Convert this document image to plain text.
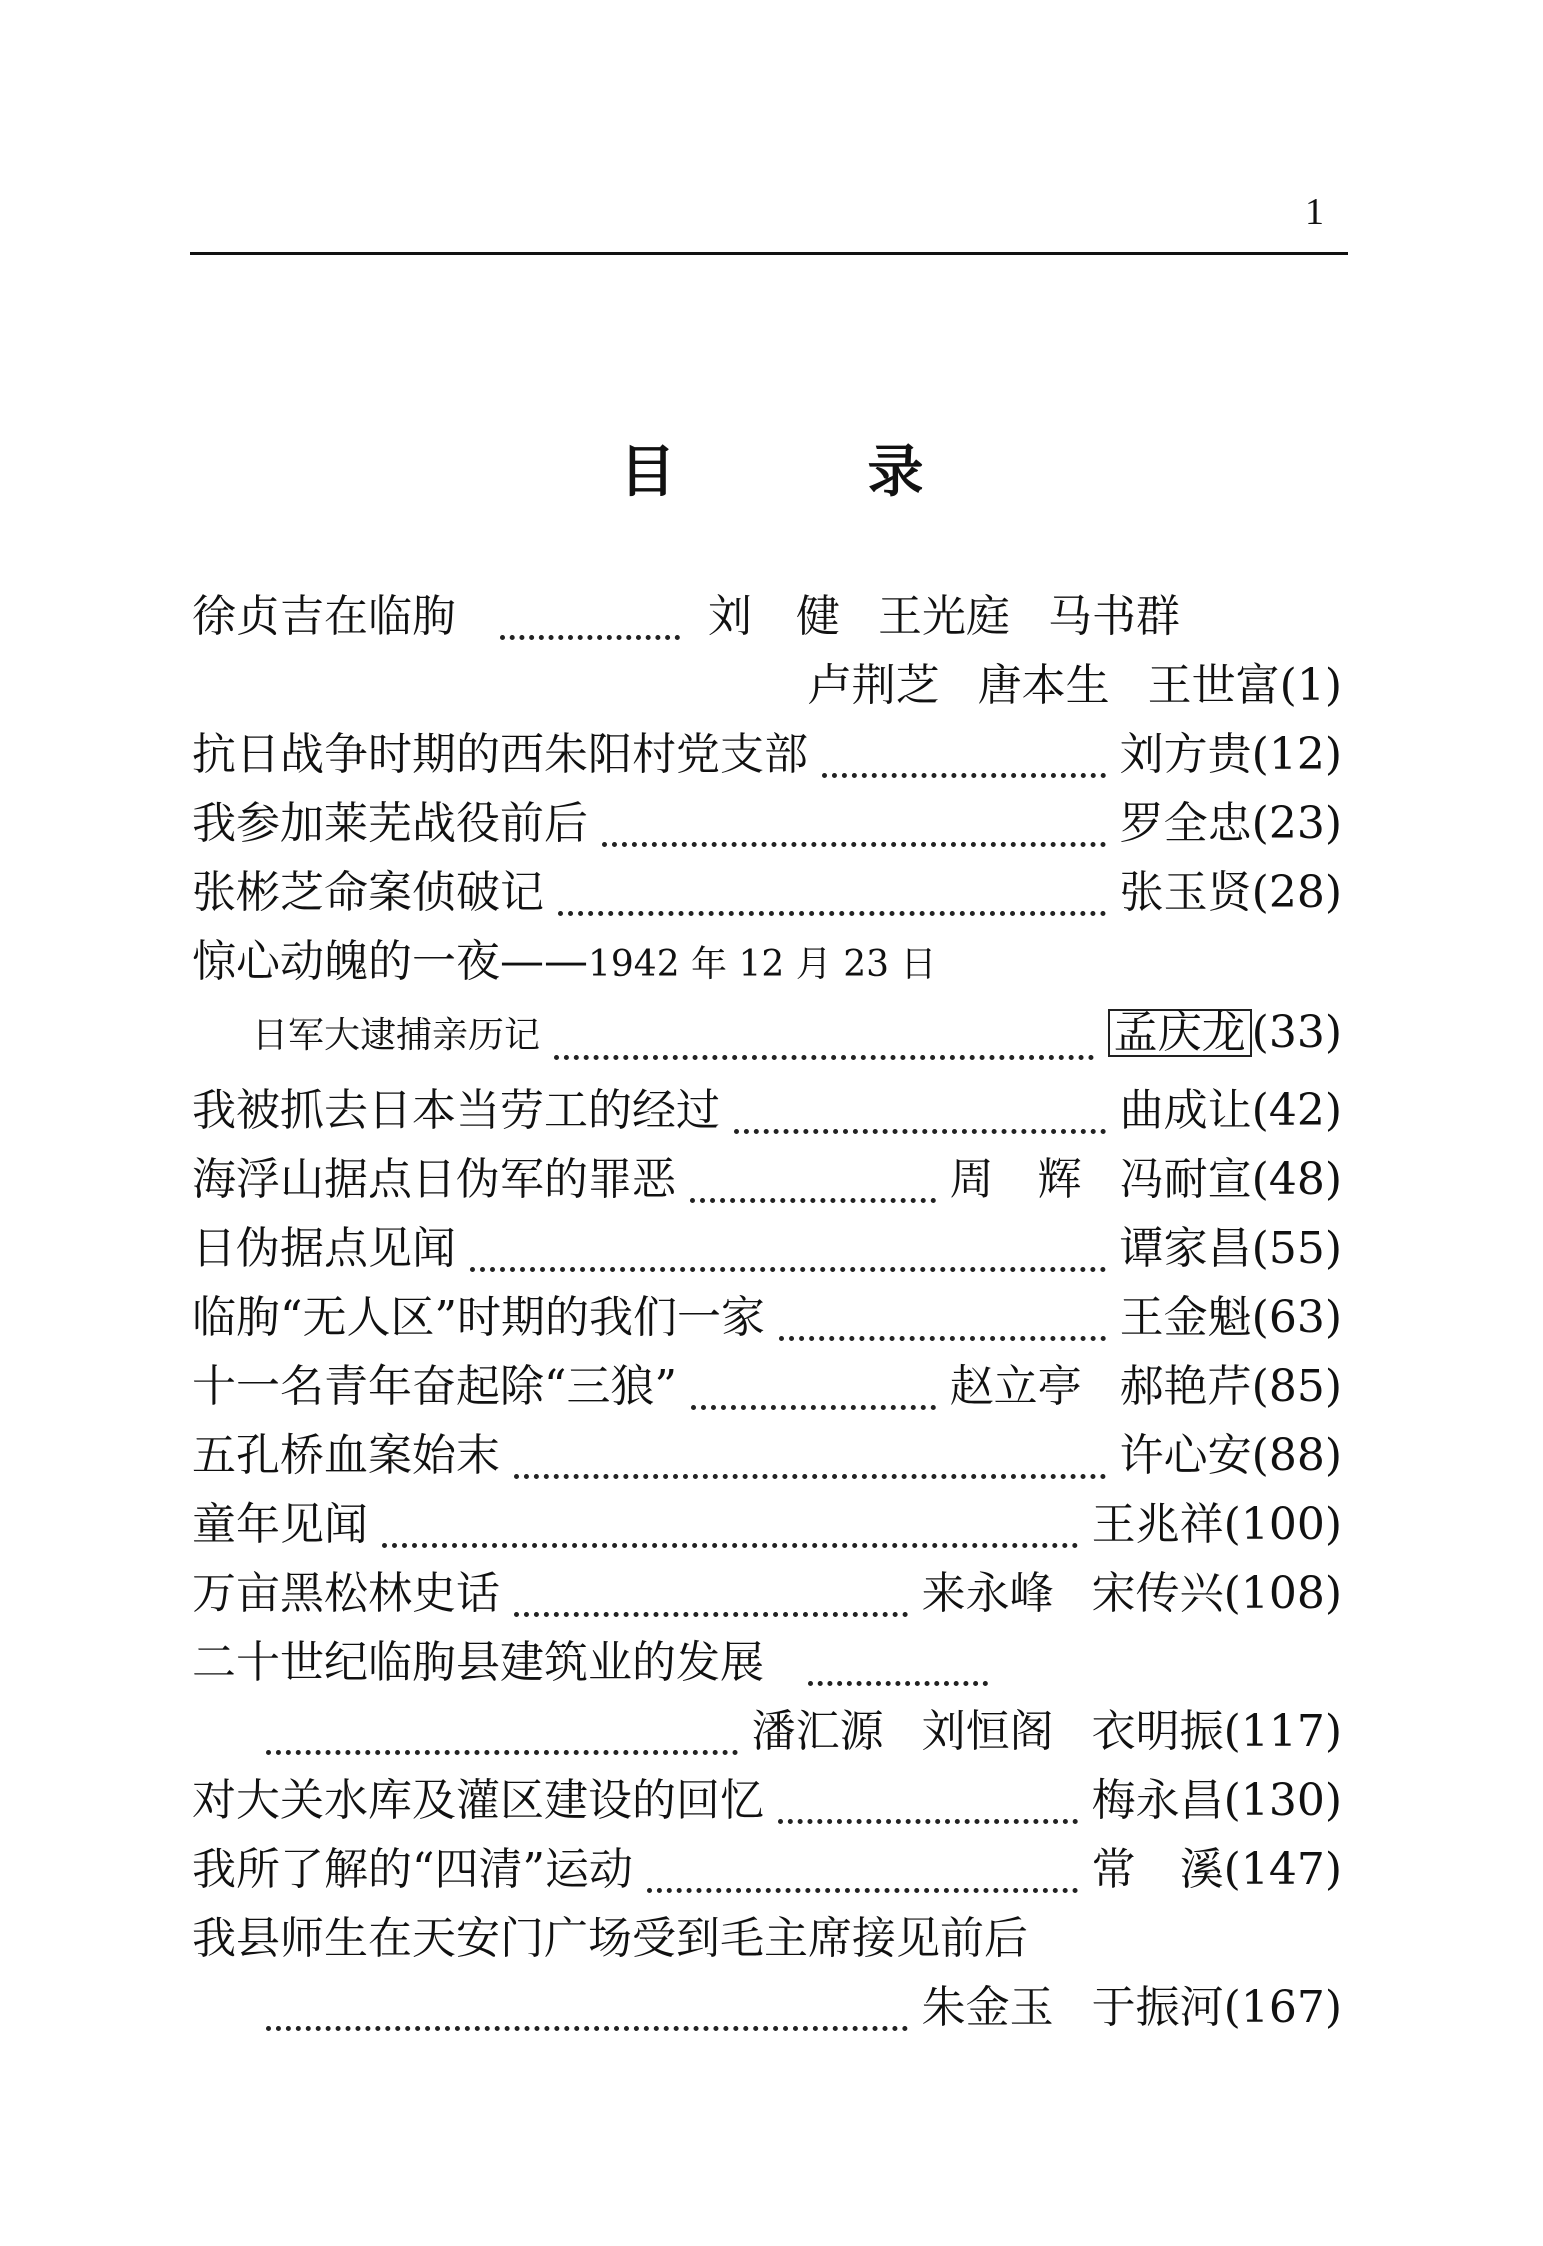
1
目　录
徐贞吉在临朐	刘　健 王光庭 马书群
卢荆芝 唐本生 王世富 (1)
抗日战争时期的西朱阳村党支部	刘方贵 (12)
我参加莱芜战役前后	罗全忠 (23)
张彬芝命案侦破记	张玉贤 (28)
惊心动魄的一夜—— 1942 年 12 月 23 日
日军大逮捕亲历记	孟庆龙 (33)
我被抓去日本当劳工的经过	曲成让 (42)
海浮山据点日伪军的罪恶	周　辉 冯耐宣 (48)
日伪据点见闻	谭家昌 (55)
临朐“无人区”时期的我们一家	王金魁 (63)
十一名青年奋起除“三狼”	赵立亭 郝艳芹 (85)
五孔桥血案始末	许心安 (88)
童年见闻	王兆祥 (100)
万亩黑松林史话	来永峰 宋传兴 (108)
二十世纪临朐县建筑业的发展
潘汇源 刘恒阁 衣明振 (117)
对大关水库及灌区建设的回忆	梅永昌 (130)
我所了解的“四清”运动	常　溪 (147)
我县师生在天安门广场受到毛主席接见前后
朱金玉 于振河 (167)
